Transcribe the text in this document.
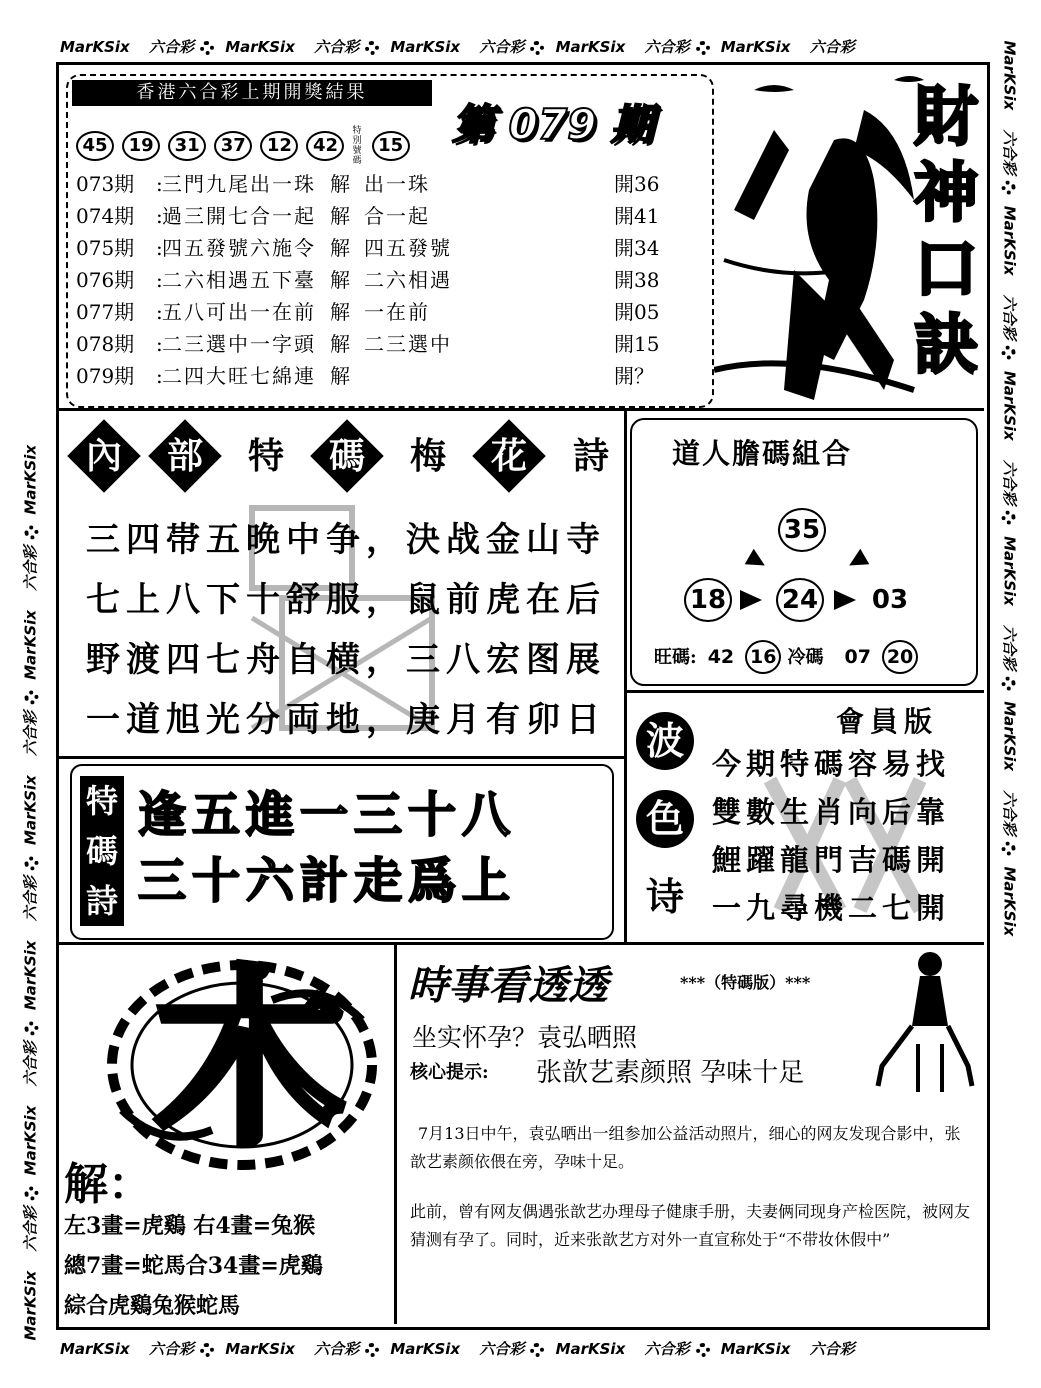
MarKSix 六合彩 MarKSix 六合彩 MarKSix 六合彩 MarKSix 六合彩 MarKSix 六合彩
MarKSix 六合彩 MarKSix 六合彩 MarKSix 六合彩 MarKSix 六合彩 MarKSix 六合彩
MarKSix 六合彩 MarKSix 六合彩 MarKSix 六合彩 MarKSix 六合彩 MarKSix 六合彩 MarKSix
MarKSix 六合彩 MarKSix 六合彩 MarKSix 六合彩 MarKSix 六合彩 MarKSix 六合彩 MarKSix
香港六合彩上期開獎結果
45 19 31 37 12 42 特別號碼 15 第 079 期
073期 :三門九尾出一珠 解 出一珠	開36
074期 :過三開七合一起 解 合一起	開41
075期 :四五發號六施令 解 四五發號	開34
076期 :二六相遇五下臺 解 二六相遇	開38
077期 :五八可出一在前 解 一在前	開05
078期 :二三選中一字頭 解 二三選中	開15
079期 :二四大旺七綿連 解	開？
財
神
口
訣
內
部
特
碼
梅
花
詩
三四帯五晩中争，決战金山寺
七上八下十舒服，鼠前虎在后
野渡四七舟自横，三八宏图展
一道旭光分両地，庚月有卯日
道人膽碼組合
35
18 24 03
旺碼: 42 16 冷碼 07 20
特
碼
詩
逢五進一三十八
三十六計走爲上
會員版
波
色
诗
今期特碼容易找
雙數生肖向后靠
鯉躍龍門吉碼開
一九尋機二七開
木
解：
左3畫=虎鷄 右4畫=兔猴
總7畫=蛇馬合34畫=虎鷄
綜合虎鷄兔猴蛇馬
時事看透透	***（特碼版）***
坐实怀孕？袁弘晒照
核心提示: 张歆艺素颜照 孕味十足
7月13日中午，袁弘晒出一组参加公益活动照片，细心的网友发现合影中，张歆艺素颜依偎在旁，孕味十足。
此前，曾有网友偶遇张歆艺办理母子健康手册，夫妻俩同现身产检医院，被网友猜测有孕了。同时，近来张歆艺方对外一直宣称处于“不带妆休假中”
